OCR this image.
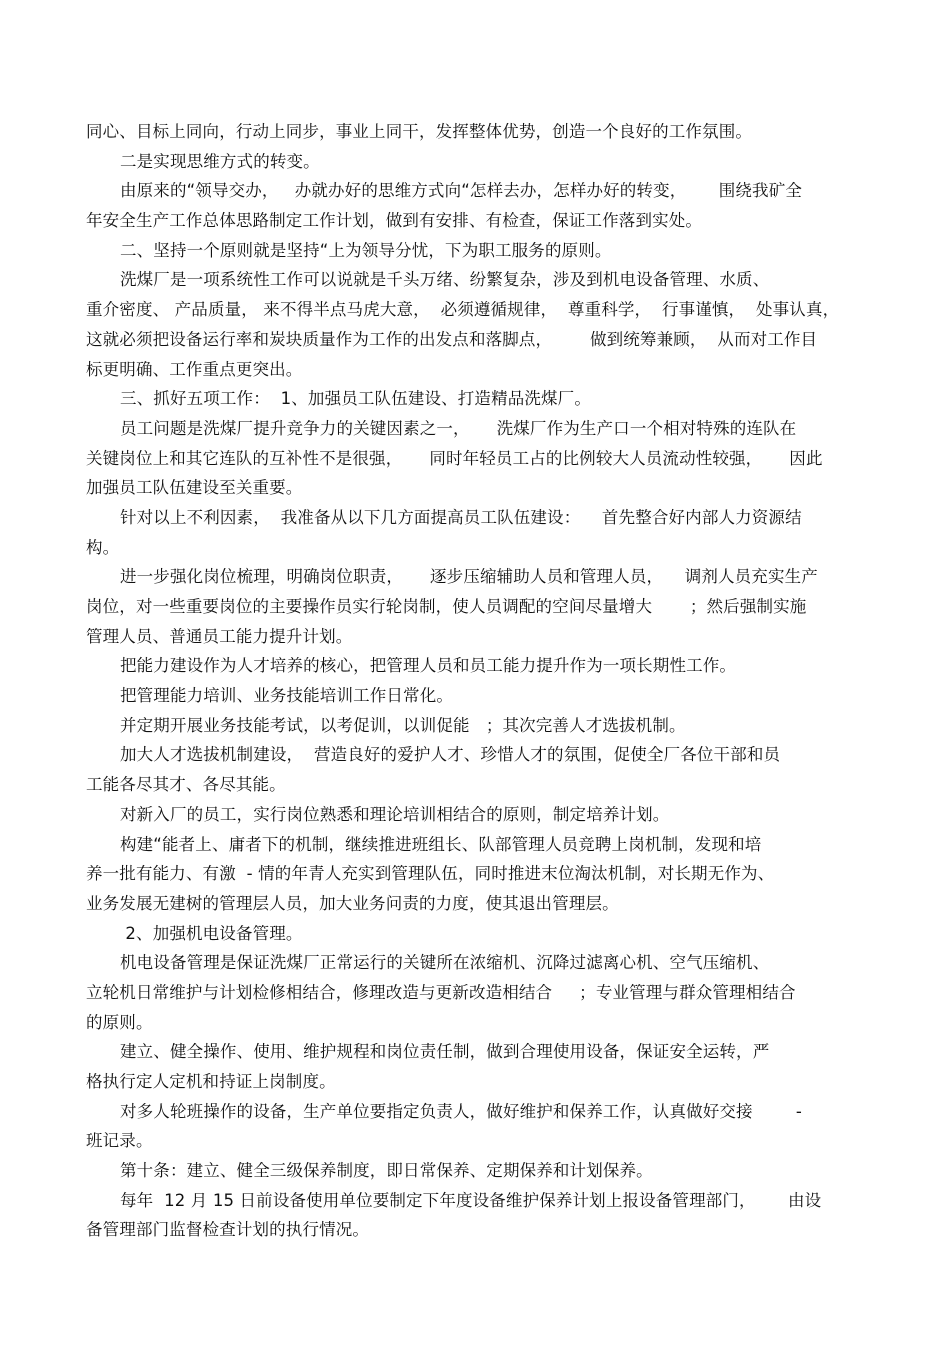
同心、目标上同向，行动上同步，事业上同干，发挥整体优势，创造一个良好的工作氛围。
二是实现思维方式的转变。
由原来的“领导交办，   办就办好的思维方式向“怎样去办，怎样办好的转变，      围绕我矿全
年安全生产工作总体思路制定工作计划，做到有安排、有检查，保证工作落到实处。
二、坚持一个原则就是坚持“上为领导分忧，下为职工服务的原则。
洗煤厂是一项系统性工作可以说就是千头万绪、纷繁复杂，涉及到机电设备管理、水质、
重介密度、 产品质量， 来不得半点马虎大意，  必须遵循规律，  尊重科学，  行事谨慎，  处事认真，
这就必须把设备运行率和炭块质量作为工作的出发点和落脚点，       做到统筹兼顾，  从而对工作目
标更明确、工作重点更突出。
三、抓好五项工作：  1、加强员工队伍建设、打造精品洗煤厂。
员工问题是洗煤厂提升竞争力的关键因素之一，     洗煤厂作为生产口一个相对特殊的连队在
关键岗位上和其它连队的互补性不是很强，     同时年轻员工占的比例较大人员流动性较强，     因此
加强员工队伍建设至关重要。
针对以上不利因素，  我准备从以下几方面提高员工队伍建设：    首先整合好内部人力资源结
构。
进一步强化岗位梳理，明确岗位职责，     逐步压缩辅助人员和管理人员，    调剂人员充实生产
岗位，对一些重要岗位的主要操作员实行轮岗制，使人员调配的空间尽量增大       ；然后强制实施
管理人员、普通员工能力提升计划。
把能力建设作为人才培养的核心，把管理人员和员工能力提升作为一项长期性工作。
把管理能力培训、业务技能培训工作日常化。
并定期开展业务技能考试，以考促训，以训促能   ；其次完善人才选拔机制。
加大人才选拔机制建设，  营造良好的爱护人才、珍惜人才的氛围，促使全厂各位干部和员
工能各尽其才、各尽其能。
对新入厂的员工，实行岗位熟悉和理论培训相结合的原则，制定培养计划。
构建“能者上、庸者下的机制，继续推进班组长、队部管理人员竞聘上岗机制，发现和培
养一批有能力、有激  - 情的年青人充实到管理队伍，同时推进末位淘汰机制，对长期无作为、
业务发展无建树的管理层人员，加大业务问责的力度，使其退出管理层。
2、加强机电设备管理。
机电设备管理是保证洗煤厂正常运行的关键所在浓缩机、沉降过滤离心机、空气压缩机、
立轮机日常维护与计划检修相结合，修理改造与更新改造相结合     ；专业管理与群众管理相结合
的原则。
建立、健全操作、使用、维护规程和岗位责任制，做到合理使用设备，保证安全运转，严
格执行定人定机和持证上岗制度。
对多人轮班操作的设备，生产单位要指定负责人，做好维护和保养工作，认真做好交接        -
班记录。
第十条：建立、健全三级保养制度，即日常保养、定期保养和计划保养。
每年  12 月 15 日前设备使用单位要制定下年度设备维护保养计划上报设备管理部门，      由设
备管理部门监督检查计划的执行情况。
